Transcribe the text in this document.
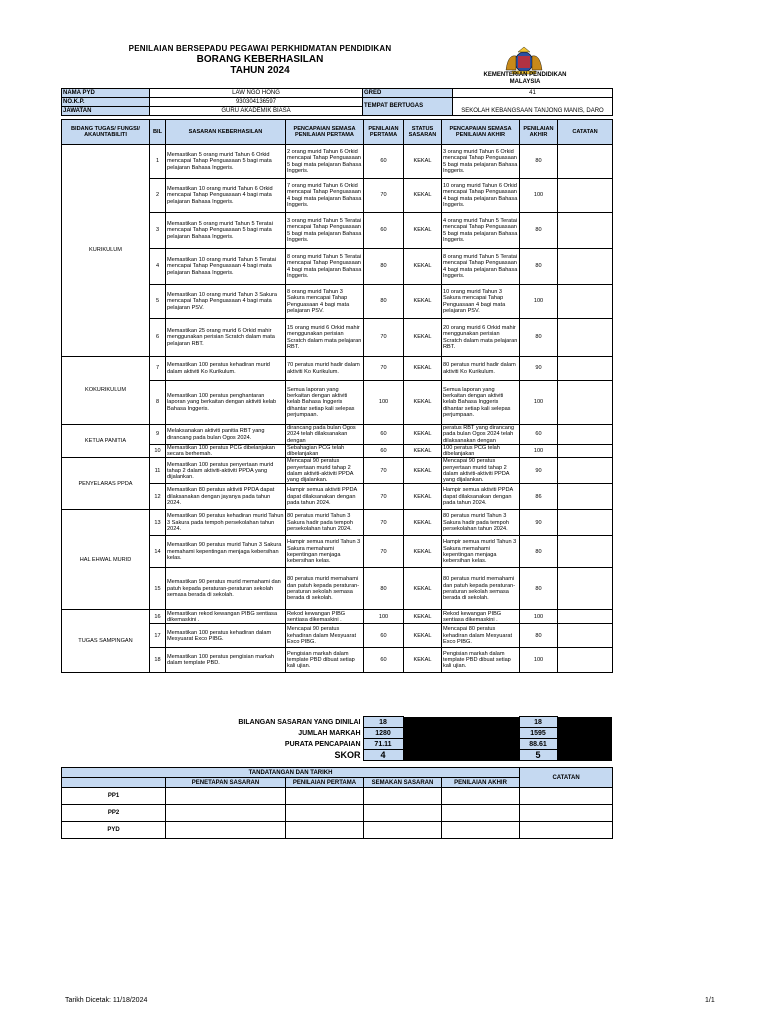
PENILAIAN BERSEPADU PEGAWAI PERKHIDMATAN PENDIDIKAN
BORANG KEBERHASILAN
TAHUN 2024	KEMENTERIAN PENDIDIKAN
MALAYSIA
NAMA PYD	LAW NGO HONG	GRED	41
NO.K.P.	930304136597	TEMPAT BERTUGAS	SEKOLAH KEBANGSAAN TANJONG MANIS, DARO
JAWATAN	GURU AKADEMIK BIASA		
BIDANG TUGAS/ FUNGSI/ AKAUNTABILITI	BIL	SASARAN KEBERHASILAN	PENCAPAIAN SEMASA PENILAIAN PERTAMA	PENILAIAN PERTAMA	STATUS SASARAN	PENCAPAIAN SEMASA PENILAIAN AKHIR	PENILAIAN AKHIR	CATATAN
KURIKULUM	1	Memastikan 5 orang murid Tahun 6 Orkid mencapai Tahap Penguasaan 5 bagi mata pelajaran Bahasa Inggeris.	2 orang murid Tahun 6 Orkid mencapai Tahap Penguasaan 5 bagi mata pelajaran Bahasa Inggeris.	60	KEKAL	3 orang murid Tahun 6 Orkid mencapai Tahap Penguasaan 5 bagi mata pelajaran Bahasa Inggeris.	80	
	2	Memastikan 10 orang murid Tahun 6 Orkid mencapai Tahap Penguasaan 4 bagi mata pelajaran Bahasa Inggeris.	7 orang murid Tahun 6 Orkid mencapai Tahap Penguasaan 4 bagi mata pelajaran Bahasa Inggeris.	70	KEKAL	10 orang murid Tahun 6 Orkid mencapai Tahap Penguasaan 4 bagi mata pelajaran Bahasa Inggeris.	100	
	3	Memastikan 5 orang murid Tahun 5 Teratai mencapai Tahap Penguasaan 5 bagi mata pelajaran Bahasa Inggeris.	3 orang murid Tahun 5 Teratai mencapai Tahap Penguasaan 5 bagi mata pelajaran Bahasa Inggeris.	60	KEKAL	4 orang murid Tahun 5 Teratai mencapai Tahap Penguasaan 5 bagi mata pelajaran Bahasa Inggeris.	80	
	4	Memastikan 10 orang murid Tahun 5 Teratai mencapai Tahap Penguasaan 4 bagi mata pelajaran Bahasa Inggeris.	8 orang murid Tahun 5 Teratai mencapai Tahap Penguasaan 4 bagi mata pelajaran Bahasa Inggeris.	80	KEKAL	8 orang murid Tahun 5 Teratai mencapai Tahap Penguasaan 4 bagi mata pelajaran Bahasa Inggeris.	80	
	5	Memastikan 10 orang murid Tahun 3 Sakura mencapai Tahap Penguasaan 4 bagi mata pelajaran PSV.	8 orang murid Tahun 3 Sakura mencapai Tahap Penguasaan 4 bagi mata pelajaran PSV.	80	KEKAL	10 orang murid Tahun 3 Sakura mencapai Tahap Penguasaan 4 bagi mata pelajaran PSV.	100	
	6	Memastikan 25 orang murid 6 Orkid mahir menggunakan perisian Scratch dalam mata pelajaran RBT.	15 orang murid 6 Orkid mahir menggunakan perisian Scratch dalam mata pelajaran RBT.	70	KEKAL	20 orang murid 6 Orkid mahir menggunakan perisian Scratch dalam mata pelajaran RBT.	80	
KOKURIKULUM	7	Memastikan 100 peratus kehadiran murid dalam aktiviti Ko Kurikulum.	70 peratus murid hadir dalam aktiviti Ko Kurikulum.	70	KEKAL	80 peratus murid hadir dalam aktiviti Ko Kurikulum.	90	
	8	Memastikan 100 peratus penghantaran laporan yang berkaitan dengan aktiviti kelab Bahasa Inggeris.	Semua laporan yang berkaitan dengan aktiviti kelab Bahasa Inggeris dihantar setiap kali selepas perjumpaan.	100	KEKAL	Semua laporan yang berkaitan dengan aktiviti kelab Bahasa Inggeris dihantar setiap kali selepas perjumpaan.	100	
KETUA PANITIA	9	Melaksanakan aktiviti panitia RBT yang dirancang pada bulan Ogos 2024.	dirancang pada bulan Ogos 2024 telah dilaksanakan dengan	60	KEKAL	peratus RBT yang dirancang pada bulan Ogos 2024 telah dilaksanakan dengan	60	
	10	Memastikan 100 peratus PCG dibelanjakan secara berhemah.	Sebahagian PCG telah dibelanjakan	60	KEKAL	100 peratus PCG telah dibelanjakan	100	
PENYELARAS PPDA	11	Memastikan 100 peratus penyertaan murid tahap 2 dalam aktiviti-aktiviti PPDA yang dijalankan.	Mencapai 90 peratus penyertaan murid tahap 2 dalam aktiviti-aktiviti PPDA yang dijalankan.	70	KEKAL	Mencapai 90 peratus penyertaan murid tahap 2 dalam aktiviti-aktiviti PPDA yang dijalankan.	90	
	12	Memastikan 80 peratus aktiviti PPDA dapat dilaksanakan dengan jayanya pada tahun 2024.	Hampir semua aktiviti PPDA dapat dilaksanakan dengan pada tahun 2024.	70	KEKAL	Hampir semua aktiviti PPDA dapat dilaksanakan dengan pada tahun 2024.	86	
HAL EHWAL MURID	13	Memastikan 90 peratus kehadiran murid Tahun 3 Sakura pada tempoh persekolahan tahun 2024.	80 peratus murid Tahun 3 Sakura hadir pada tempoh persekolahan tahun 2024.	70	KEKAL	80 peratus murid Tahun 3 Sakura hadir pada tempoh persekolahan tahun 2024.	90	
	14	Memastikan 90 peratus murid Tahun 3 Sakura memahami kepentingan menjaga kebersihan kelas.	Hampir semua murid Tahun 3 Sakura memahami kepentingan menjaga kebersihan kelas.	70	KEKAL	Hampir semua murid Tahun 3 Sakura memahami kepentingan menjaga kebersihan kelas.	80	
	15	Memastikan 90 peratus murid memahami dan patuh kepada peraturan-peraturan sekolah semasa berada di sekolah.	80 peratus murid memahami dan patuh kepada peraturan-peraturan sekolah semasa berada di sekolah.	80	KEKAL	80 peratus murid memahami dan patuh kepada peraturan-peraturan sekolah semasa berada di sekolah.	80	
TUGAS SAMPINGAN	16	Memastikan rekod kewangan PIBG sentiasa dikemaskini .	Rekod kewangan PIBG sentiasa dikemaskini .	100	KEKAL	Rekod kewangan PIBG sentiasa dikemaskini .	100	
	17	Memastikan 100 peratus kehadiran dalam Mesyuarat Exco PIBG.	Mencapai 90 peratus kehadiran dalam Mesyuarat Exco PIBG.	60	KEKAL	Mencapai 80 peratus kehadiran dalam Mesyuarat Exco PIBG.	80	
	18	Memastikan 100 peratus pengisian markah dalam template PBD.	Pengisian markah dalam template PBD dibuat setiap kali ujian.	60	KEKAL	Pengisian markah dalam template PBD dibuat setiap kali ujian.	100	
BILANGAN SASARAN YANG DINILAI	18		18	
JUMLAH MARKAH	1280		1595	
PURATA PENCAPAIAN	71.11		88.61	
SKOR	4		5	
TANDATANGAN DAN TARIKH					CATATAN
	PENETAPAN SASARAN	PENILAIAN PERTAMA	SEMAKAN SASARAN	PENILAIAN AKHIR	
PP1					
PP2					
PYD					
Tarikh Dicetak: 11/18/2024	1/1
